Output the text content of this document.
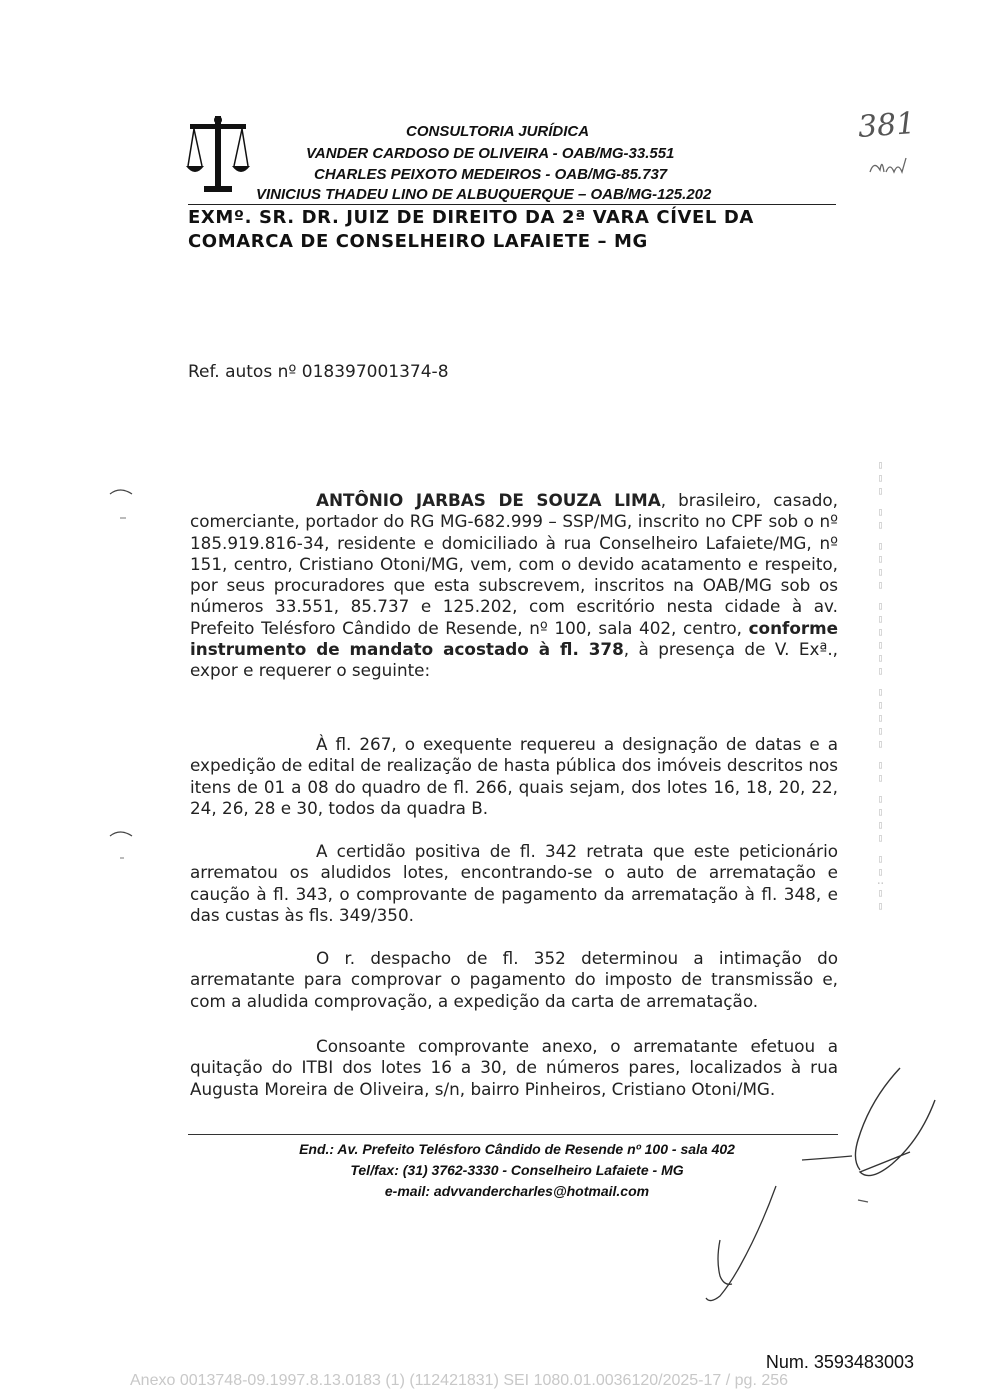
CONSULTORIA JURÍDICA
VANDER CARDOSO DE OLIVEIRA - OAB/MG-33.551
CHARLES PEIXOTO MEDEIROS - OAB/MG-85.737
VINICIUS THADEU LINO DE ALBUQUERQUE – OAB/MG-125.202
381
EXMº. SR. DR. JUIZ DE DIREITO DA 2ª VARA CÍVEL DA
COMARCA DE CONSELHEIRO LAFAIETE – MG
Ref. autos nº 018397001374-8
▯▯▯ ▯▯ ▯▯▯▯ ▯▯▯▯▯▯ ▯▯▯▯▯ ▯▯ ▯▯▯▯ ▯▯:▯▯
ANTÔNIO JARBAS DE SOUZA LIMA, brasileiro, casado, comerciante, portador do RG MG-682.999 – SSP/MG, inscrito no CPF sob o nº 185.919.816-34, residente e domiciliado à rua Conselheiro Lafaiete/MG, nº 151, centro, Cristiano Otoni/MG, vem, com o devido acatamento e respeito, por seus procuradores que esta subscrevem, inscritos na OAB/MG sob os números 33.551, 85.737 e 125.202, com escritório nesta cidade à av. Prefeito Telésforo Cândido de Resende, nº 100, sala 402, centro, conforme instrumento de mandato acostado à fl. 378, à presença de V. Exª., expor e requerer o seguinte:
À fl. 267, o exequente requereu a designação de datas e a expedição de edital de realização de hasta pública dos imóveis descritos nos itens de 01 a 08 do quadro de fl. 266, quais sejam, dos lotes 16, 18, 20, 22, 24, 26, 28 e 30, todos da quadra B.
A certidão positiva de fl. 342 retrata que este peticionário arrematou os aludidos lotes, encontrando-se o auto de arrematação e caução à fl. 343, o comprovante de pagamento da arrematação à fl. 348, e das custas às fls. 349/350.
O r. despacho de fl. 352 determinou a intimação do arrematante para comprovar o pagamento do imposto de transmissão e, com a aludida comprovação, a expedição da carta de arrematação.
Consoante comprovante anexo, o arrematante efetuou a quitação do ITBI dos lotes 16 a 30, de números pares, localizados à rua Augusta Moreira de Oliveira, s/n, bairro Pinheiros, Cristiano Otoni/MG.
End.: Av. Prefeito Telésforo Cândido de Resende nº 100 - sala 402
Tel/fax: (31) 3762-3330 - Conselheiro Lafaiete - MG
e-mail: advvandercharles@hotmail.com
Num. 3593483003
Anexo 0013748-09.1997.8.13.0183 (1) (112421831) SEI 1080.01.0036120/2025-17 / pg. 256
